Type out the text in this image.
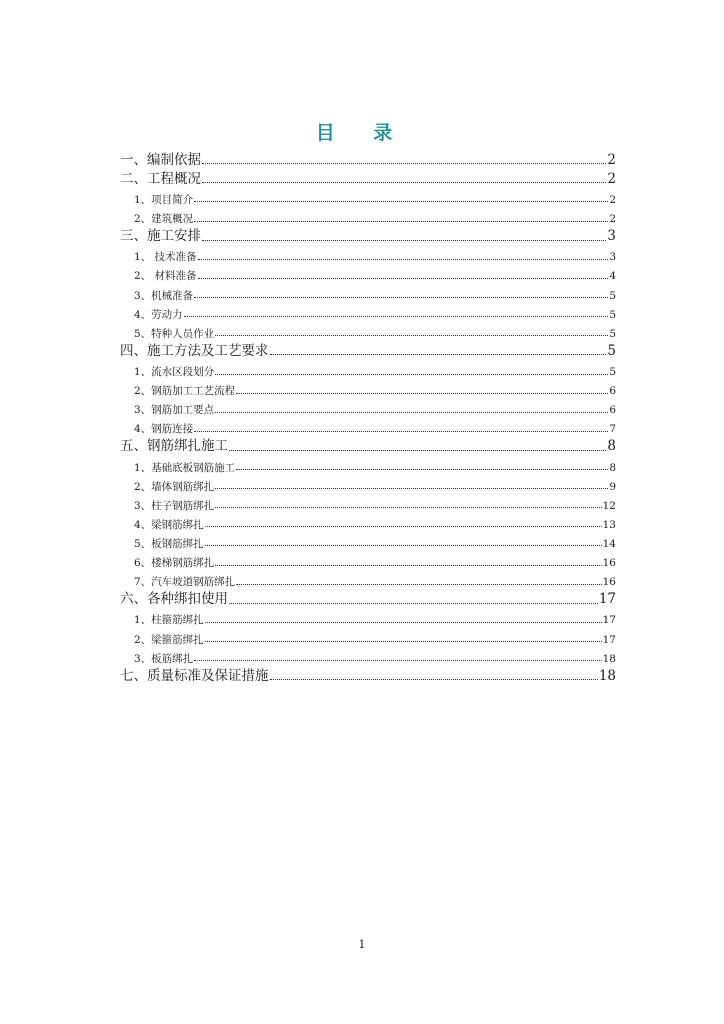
目 录
一、编制依据	2
二、工程概况	2
1、项目简介	2
2、建筑概况	2
三、施工安排	3
1、 技术准备	3
2、 材料准备	4
3、机械准备	5
4、劳动力	5
5、特种人员作业	5
四、施工方法及工艺要求	5
1、流水区段划分	5
2、钢筋加工工艺流程	6
3、钢筋加工要点	6
4、钢筋连接	7
五、钢筋绑扎施工	8
1、基础底板钢筋施工	8
2、墙体钢筋绑扎	9
3、柱子钢筋绑扎	12
4、梁钢筋绑扎	13
5、板钢筋绑扎	14
6、楼梯钢筋绑扎	16
7、汽车坡道钢筋绑扎	16
六、各种绑扣使用	17
1、柱箍筋绑扎	17
2、梁箍筋绑扎	17
3、板筋绑扎	18
七、质量标准及保证措施	18
1
